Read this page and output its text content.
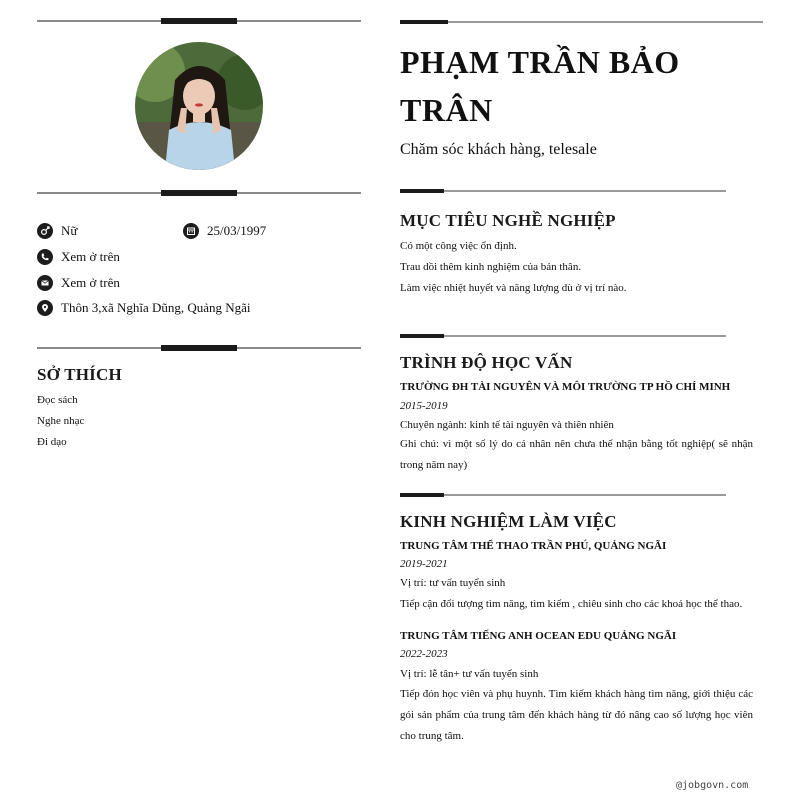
Nữ	25/03/1997
Xem ở trên
Xem ở trên
Thôn 3,xã Nghĩa Dũng, Quảng Ngãi
SỞ THÍCH
Đọc sách
Nghe nhạc
Đi dạo
PHẠM TRẦN BẢO TRÂN
Chăm sóc khách hàng, telesale
MỤC TIÊU NGHỀ NGHIỆP
Có một công việc ổn định.
Trau dồi thêm kinh nghiệm của bản thân.
Làm việc nhiệt huyết và năng lượng dù ở vị trí nào.
TRÌNH ĐỘ HỌC VẤN
TRƯỜNG ĐH TÀI NGUYÊN VÀ MÔI TRƯỜNG TP HỒ CHÍ MINH
2015-2019
Chuyên ngành: kinh tế tài nguyên và thiên nhiên
Ghi chú: vì một số lý do cá nhân nên chưa thể nhận bằng tốt nghiệp( sẽ nhận trong năm nay)
KINH NGHIỆM LÀM VIỆC
TRUNG TÂM THỂ THAO TRẦN PHÚ, QUẢNG NGÃI
2019-2021
Vị trí: tư vấn tuyển sinh
Tiếp cận đối tượng tìm năng, tìm kiếm , chiêu sinh cho các khoá học thể thao.
TRUNG TÂM TIẾNG ANH OCEAN EDU QUẢNG NGÃI
2022-2023
Vị trí: lễ tân+ tư vấn tuyển sinh
Tiếp đón học viên và phụ huynh. Tìm kiếm khách hàng tìm năng, giới thiệu các gói sản phẩm của trung tâm đến khách hàng từ đó nâng cao số lượng học viên cho trung tâm.
@jobgovn.com
